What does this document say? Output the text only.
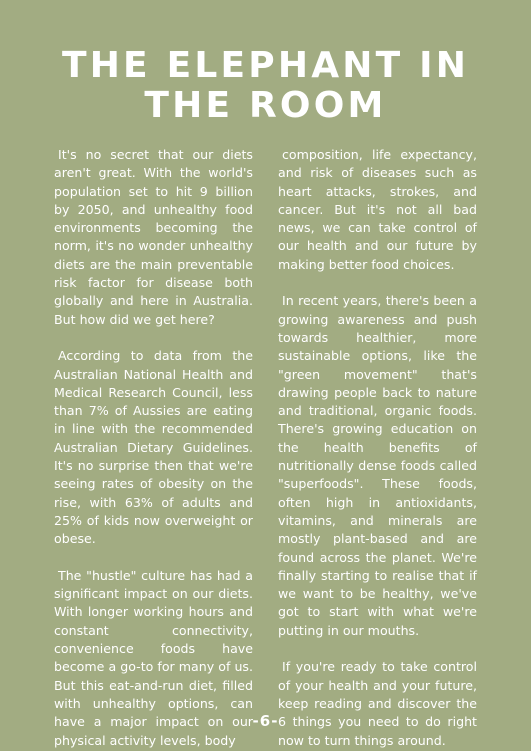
THE ELEPHANT IN
THE ROOM

It's no secret that our diets aren't great. With the world's population set to hit 9 billion by 2050, and unhealthy food environments becoming the norm, it's no wonder unhealthy diets are the main preventable risk factor for disease both globally and here in Australia. But how did we get here?

According to data from the Australian National Health and Medical Research Council, less than 7% of Aussies are eating in line with the recommended Australian Dietary Guidelines. It's no surprise then that we're seeing rates of obesity on the rise, with 63% of adults and 25% of kids now overweight or obese.

The "hustle" culture has had a significant impact on our diets. With longer working hours and constant connectivity, convenience foods have become a go-to for many of us. But this eat-and-run diet, filled with unhealthy options, can have a major impact on our physical activity levels, body

composition, life expectancy, and risk of diseases such as heart attacks, strokes, and cancer. But it's not all bad news, we can take control of our health and our future by making better food choices.

In recent years, there's been a growing awareness and push towards healthier, more sustainable options, like the "green movement" that's drawing people back to nature and traditional, organic foods. There's growing education on the health benefits of nutritionally dense foods called "superfoods". These foods, often high in antioxidants, vitamins, and minerals are mostly plant-based and are found across the planet. We're finally starting to realise that if we want to be healthy, we've got to start with what we're putting in our mouths.

If you're ready to take control of your health and your future, keep reading and discover the 6 things you need to do right now to turn things around.

-6-
